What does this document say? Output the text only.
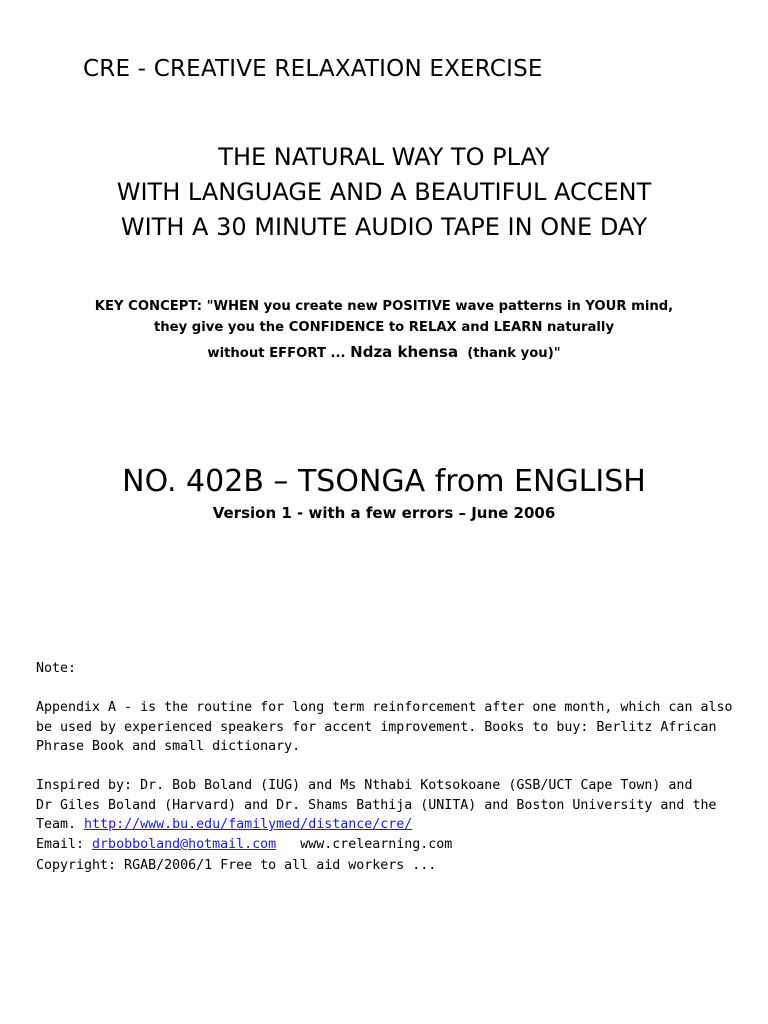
CRE - CREATIVE RELAXATION EXERCISE
THE NATURAL WAY TO PLAY
WITH LANGUAGE AND A BEAUTIFUL ACCENT
WITH A 30 MINUTE AUDIO TAPE IN ONE DAY
KEY CONCEPT: "WHEN you create new POSITIVE wave patterns in YOUR mind,
they give you the CONFIDENCE to RELAX and LEARN naturally
without EFFORT ... Ndza khensa  (thank you)"
NO. 402B – TSONGA from ENGLISH
Version 1 - with a few errors – June 2006
Note:
Appendix A - is the routine for long term reinforcement after one month, which can also
be used by experienced speakers for accent improvement. Books to buy: Berlitz African
Phrase Book and small dictionary.
Inspired by: Dr. Bob Boland (IUG) and Ms Nthabi Kotsokoane (GSB/UCT Cape Town) and
Dr Giles Boland (Harvard) and Dr. Shams Bathija (UNITA) and Boston University and the
Team. http://www.bu.edu/familymed/distance/cre/
Email: drbobboland@hotmail.com   www.crelearning.com
Copyright: RGAB/2006/1 Free to all aid workers ...
